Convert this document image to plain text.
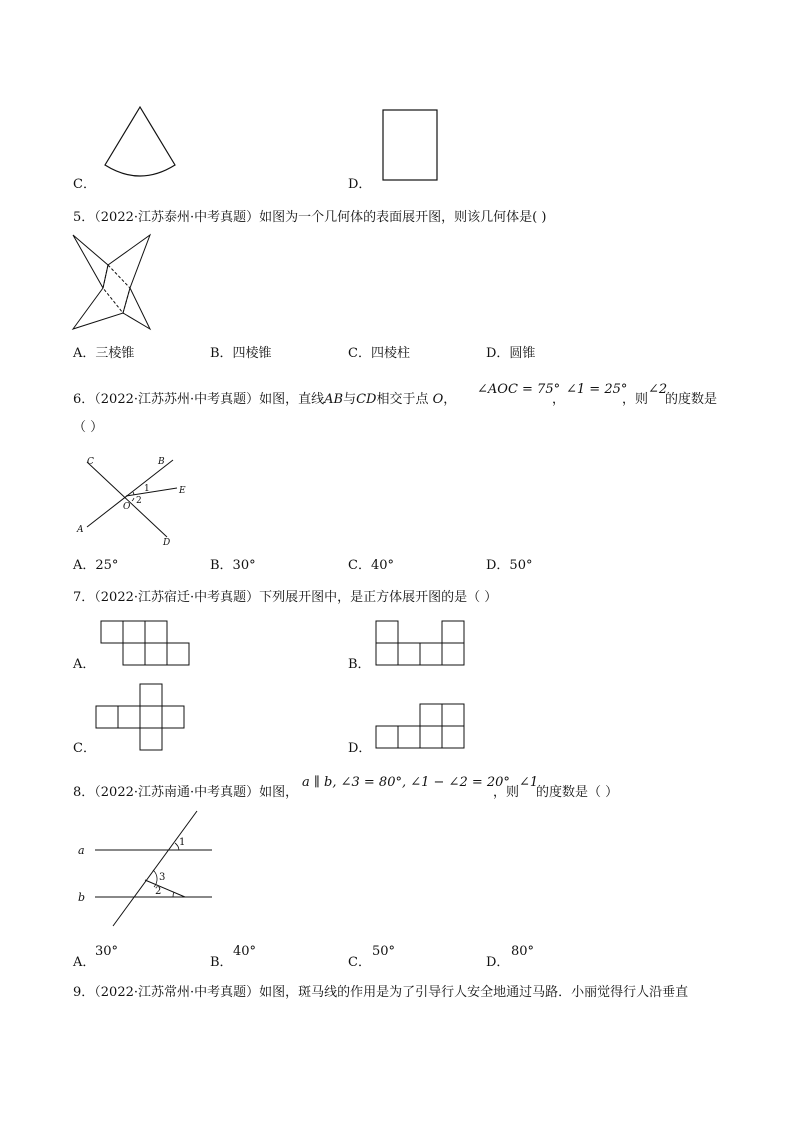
C．	D．
5．（2022·江苏泰州·中考真题）如图为一个几何体的表面展开图，则该几何体是( )
A．三棱锥	B．四棱锥	C．四棱柱	D．圆锥
6．（2022·江苏苏州·中考真题）如图，直线AB与CD相交于点 O，
∠AOC = 75°
，
∠1 = 25°
，则
∠2
的度数是
（ ）
C	B
E
1
2
O
A
D
A．25°	B．30°	C．40°	D．50°
7．（2022·江苏宿迁·中考真题）下列展开图中，是正方体展开图的是（ ）
A．	B．
C．	D．
8．（2022·江苏南通·中考真题）如图，
a ∥ b, ∠3 = 80°, ∠1 − ∠2 = 20°
，则
∠1
的度数是（ ）
a
b
1
3
2
A．
30°
B．
40°
C．
50°
D．
80°
9．（2022·江苏常州·中考真题）如图，斑马线的作用是为了引导行人安全地通过马路．小丽觉得行人沿垂直
